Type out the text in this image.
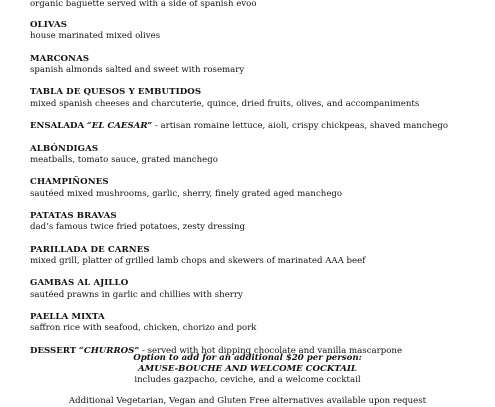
organic baguette served with a side of spanish evoo
OLIVAS
house marinated mixed olives
MARCONAS
spanish almonds salted and sweet with rosemary
TABLA DE QUESOS Y EMBUTIDOS
mixed spanish cheeses and charcuterie, quince, dried fruits, olives, and accompaniments
ENSALADA “EL CAESAR” - artisan romaine lettuce, aioli, crispy chickpeas, shaved manchego
ALBÓNDIGAS
meatballs, tomato sauce, grated manchego
CHAMPIÑONES
sautéed mixed mushrooms, garlic, sherry, finely grated aged manchego
PATATAS BRAVAS
dad’s famous twice fried potatoes, zesty dressing
PARILLADA DE CARNES
mixed grill, platter of grilled lamb chops and skewers of marinated AAA beef
GAMBAS AL AJILLO
sautéed prawns in garlic and chillies with sherry
PAELLA MIXTA
saffron rice with seafood, chicken, chorizo and pork
DESSERT “CHURROS” - served with hot dipping chocolate and vanilla mascarpone
Option to add for an additional $20 per person:
AMUSE-BOUCHE AND WELCOME COCKTAIL
includes gazpacho, ceviche, and a welcome cocktail
Additional Vegetarian, Vegan and Gluten Free alternatives available upon request
